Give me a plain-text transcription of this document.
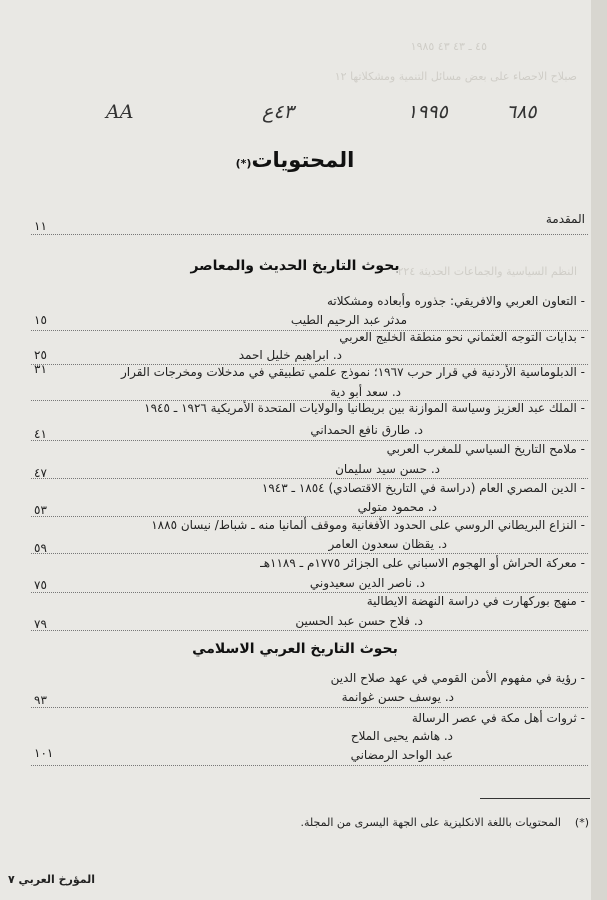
٤٥ ـ ٤٣ ٤٣ ١٩٨٥
صبلاح الاحصاء على بعض مسائل التنمية ومشكلاتها ١٢
النظم السياسية والجماعات الحديثة ٢٢٤
AA	٤٣ع	١٩٩٥	٦٨٥
المحتويات(*)
المقدمة
١١
بحوث التاريخ الحديث والمعاصر
- التعاون العربي والافريقي: جذوره وأبعاده ومشكلاته
مدثر عبد الرحيم الطيب
١٥
- بدايات التوجه العثماني نحو منطقة الخليج العربي
د. ابراهيم خليل احمد
٢٥
- الدبلوماسية الأردنية في قرار حرب ١٩٦٧؛ نموذج علمي تطبيقي في مدخلات ومخرجات القرار
د. سعد أبو دية
٣١
- الملك عبد العزيز وسياسة الموازنة بين بريطانيا والولايات المتحدة الأمريكية ١٩٢٦ ـ ١٩٤٥
د. طارق نافع الحمداني
٤١
- ملامح التاريخ السياسي للمغرب العربي
د. حسن سيد سليمان
٤٧
- الدين المصري العام (دراسة في التاريخ الاقتصادي) ١٨٥٤ ـ ١٩٤٣
د. محمود متولي
٥٣
- النزاع البريطاني الروسي على الحدود الأفغانية وموقف ألمانيا منه ـ شباط/ نيسان ١٨٨٥
د. يقظان سعدون العامر
٥٩
- معركة الحراش أو الهجوم الاسباني على الجزائر ١٧٧٥م ـ ١١٨٩هـ
د. ناصر الدين سعيدوني
٧٥
- منهج بوركهارت في دراسة النهضة الايطالية
د. فلاح حسن عبد الحسين
٧٩
بحوث التاريخ العربي الاسلامي
- رؤية في مفهوم الأمن القومي في عهد صلاح الدين
د. يوسف حسن غوانمة
٩٣
- ثروات أهل مكة في عصر الرسالة
د. هاشم يحيى الملاح
عبد الواحد الرمضاني
١٠١
(*)    المحتويات باللغة الانكليزية على الجهة اليسرى من المجلة.
المؤرخ العربي ٧
